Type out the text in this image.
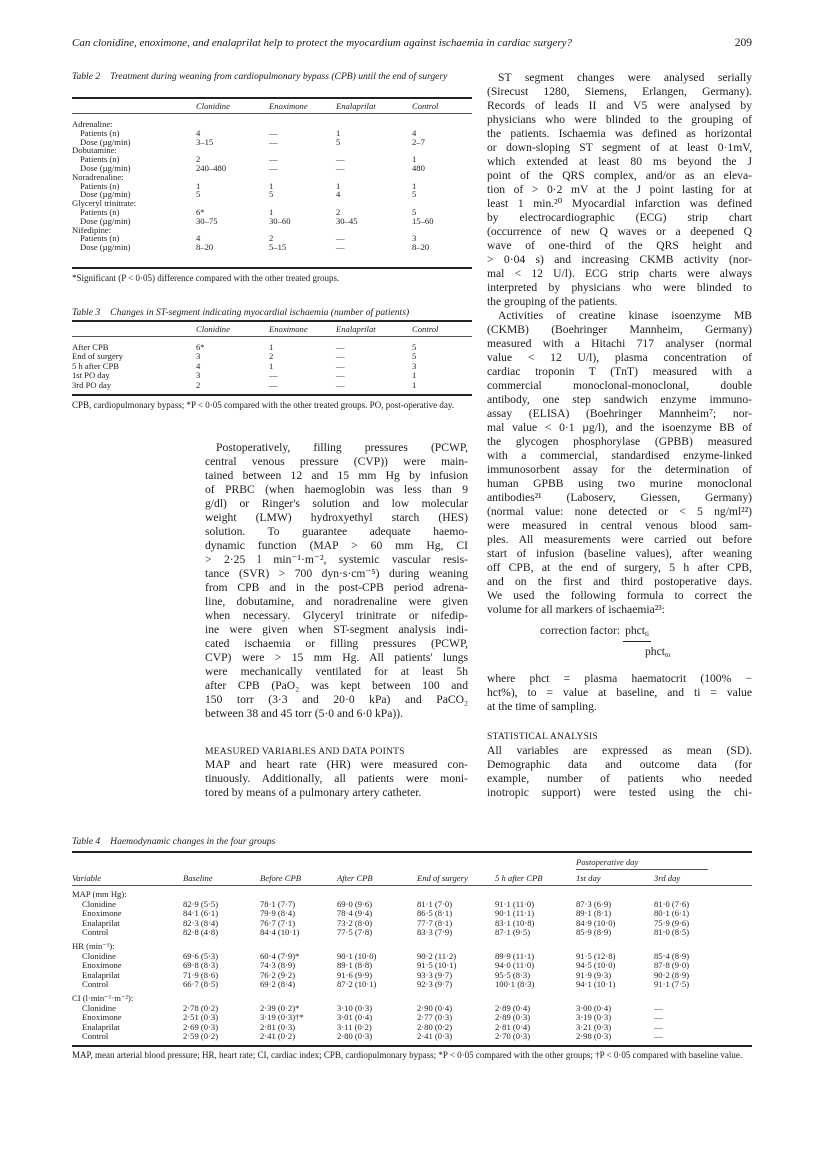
Can clonidine, enoximone, and enalaprilat help to protect the myocardium against ischaemia in cardiac surgery?	209
Table 2 Treatment during weaning from cardiopulmonary bypass (CPB) until the end of surgery
Clonidine	Enoximone	Enalaprilat	Control
Adrenaline:
Patients (n)	4	—	1	4
Dose (µg/min)	3–15	—	5	2–7
Dobutamine:
Patients (n)	2	—	—	1
Dose (µg/min)	240–480	—	—	480
Noradrenaline:
Patients (n)	1	1	1	1
Dose (µg/min)	5	5	4	5
Glyceryl trinitrate:
Patients (n)	6*	1	2	5
Dose (µg/min)	30–75	30–60	30–45	15–60
Nifedipine:
Patients (n)	4	2	—	3
Dose (µg/min)	8–20	5–15	—	8–20
*Significant (P < 0·05) difference compared with the other treated groups.
Table 3 Changes in ST-segment indicating myocardial ischaemia (number of patients)
Clonidine	Enoximone	Enalaprilat	Control
After CPB	6*	1	—	5
End of surgery	3	2	—	5
5 h after CPB	4	1	—	3
1st PO day	3	—	—	1
3rd PO day	2	—	—	1
CPB, cardiopulmonary bypass; *P < 0·05 compared with the other treated groups. PO, post-operative day.
Postoperatively, filling pressures (PCWP,
central venous pressure (CVP)) were main-
tained between 12 and 15 mm Hg by infusion
of PRBC (when haemoglobin was less than 9
g/dl) or Ringer's solution and low molecular
weight (LMW) hydroxyethyl starch (HES)
solution. To guarantee adequate haemo-
dynamic function (MAP > 60 mm Hg, CI
> 2·25 l min⁻¹·m⁻², systemic vascular resis-
tance (SVR) > 700 dyn·s·cm⁻⁵) during weaning
from CPB and in the post-CPB period adrena-
line, dobutamine, and noradrenaline were given
when necessary. Glyceryl trinitrate or nifedip-
ine were given when ST-segment analysis indi-
cated ischaemia or filling pressures (PCWP,
CVP) were > 15 mm Hg. All patients' lungs
were mechanically ventilated for at least 5h
after CPB (PaO₂ was kept between 100 and
150 torr (3·3 and 20·0 kPa) and PaCO₂
between 38 and 45 torr (5·0 and 6·0 kPa)).
MEASURED VARIABLES AND DATA POINTS
MAP and heart rate (HR) were measured con-
tinuously. Additionally, all patients were moni-
tored by means of a pulmonary artery catheter.
ST segment changes were analysed serially
(Sirecust 1280, Siemens, Erlangen, Germany).
Records of leads II and V5 were analysed by
physicians who were blinded to the grouping of
the patients. Ischaemia was defined as horizontal
or down-sloping ST segment of at least 0·1mV,
which extended at least 80 ms beyond the J
point of the QRS complex, and/or as an eleva-
tion of > 0·2 mV at the J point lasting for at
least 1 min.²⁰ Myocardial infarction was defined
by electrocardiographic (ECG) strip chart
(occurrence of new Q waves or a deepened Q
wave of one-third of the QRS height and
> 0·04 s) and increasing CKMB activity (nor-
mal < 12 U/l). ECG strip charts were always
interpreted by physicians who were blinded to
the grouping of the patients.
Activities of creatine kinase isoenzyme MB
(CKMB) (Boehringer Mannheim, Germany)
measured with a Hitachi 717 analyser (normal
value < 12 U/l), plasma concentration of
cardiac troponin T (TnT) measured with a
commercial monoclonal-monoclonal, double
antibody, one step sandwich enzyme immuno-
assay (ELISA) (Boehringer Mannheim⁷; nor-
mal value < 0·1 µg/l), and the isoenzyme BB of
the glycogen phosphorylase (GPBB) measured
with a commercial, standardised enzyme-linked
immunosorbent assay for the determination of
human GPBB using two murine monoclonal
antibodies²¹ (Laboserv, Giessen, Germany)
(normal value: none detected or < 5 ng/ml²²)
were measured in central venous blood sam-
ples. All measurements were carried out before
start of infusion (baseline values), after weaning
off CPB, at the end of surgery, 5 h after CPB,
and on the first and third postoperative days.
We used the following formula to correct the
volume for all markers of ischaemia²³:
correction factor: phct$_{ti}$
phct$_{to}$
where phct = plasma haematocrit (100% −
hct%), to = value at baseline, and ti = value
at the time of sampling.
STATISTICAL ANALYSIS
All variables are expressed as mean (SD).
Demographic data and outcome data (for
example, number of patients who needed
inotropic support) were tested using the chi-
Table 4 Haemodynamic changes in the four groups
Postoperative day
Variable	Baseline	Before CPB	After CPB	End of surgery	5 h after CPB	1st day	3rd day
MAP (mm Hg):
Clonidine	82·9 (5·5)	78·1 (7·7)	69·0 (9·6)	81·1 (7·0)	91·1 (11·0)	87·3 (6·9)	81·0 (7·6)
Enoximone	84·1 (6·1)	79·9 (8·4)	78·4 (9·4)	86·5 (8·1)	90·1 (11·1)	89·1 (8·1)	80·1 (6·1)
Enalaprilat	82·3 (8·4)	76·7 (7·1)	73·2 (8·0)	77·7 (8·1)	83·1 (10·8)	84·9 (10·0)	75·9 (9·6)
Control	82·8 (4·8)	84·4 (10·1)	77·5 (7·8)	83·3 (7·9)	87·1 (9·5)	85·9 (8·9)	81·0 (8·5)
HR (min⁻¹):
Clonidine	69·6 (5·3)	60·4 (7·9)*	90·1 (10·0)	90·2 (11·2)	89·9 (11·1)	91·5 (12·8)	85·4 (8·9)
Enoximone	69·8 (8·3)	74·3 (8·9)	89·1 (8·8)	91·5 (10·1)	94·0 (11·0)	94·5 (10·0)	87·8 (9·0)
Enalaprilat	71·9 (8·6)	76·2 (9·2)	91·6 (9·9)	93·3 (9·7)	95·5 (8·3)	91·9 (9·3)	90·2 (8·9)
Control	66·7 (8·5)	69·2 (8·4)	87·2 (10·1)	92·3 (9·7)	100·1 (8·3)	94·1 (10·1)	91·1 (7·5)
CI (l·min⁻¹·m⁻²):
Clonidine	2·78 (0·2)	2·39 (0·2)*	3·10 (0·3)	2·90 (0·4)	2·89 (0·4)	3·00 (0·4)	—
Enoximone	2·51 (0·3)	3·19 (0·3)†*	3·01 (0·4)	2·77 (0·3)	2·89 (0·3)	3·19 (0·3)	—
Enalaprilat	2·69 (0·3)	2·81 (0·3)	3·11 (0·2)	2·80 (0·2)	2·81 (0·4)	3·21 (0·3)	—
Control	2·59 (0·2)	2·41 (0·2)	2·80 (0·3)	2·41 (0·3)	2·70 (0·3)	2·98 (0·3)	—
MAP, mean arterial blood pressure; HR, heart rate; CI, cardiac index; CPB, cardiopulmonary bypass; *P < 0·05 compared with the other groups; †P < 0·05 compared with baseline value.
